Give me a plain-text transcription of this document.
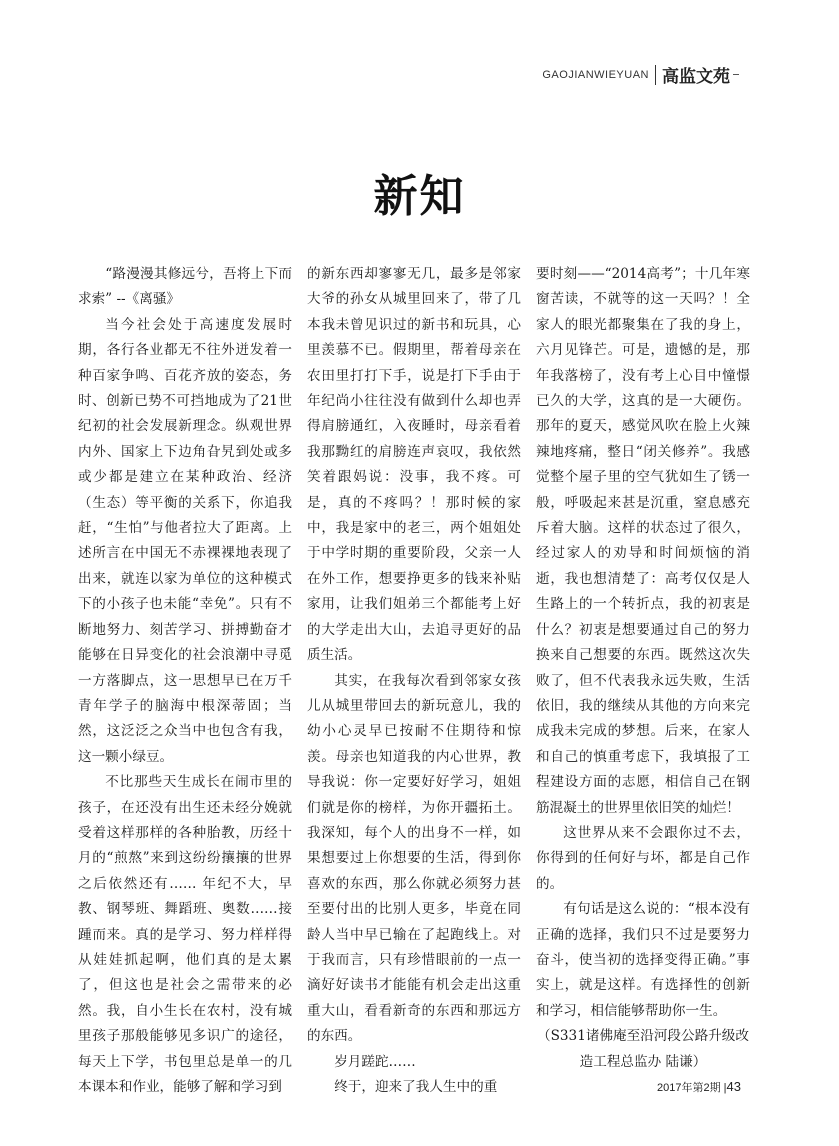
GAOJIANWIEYUAN 高监文苑
新知

“路漫漫其修远兮，吾将上下而求索” --《离骚》

当今社会处于高速度发展时期，各行各业都无不往外迸发着一种百家争鸣、百花齐放的姿态，务时、创新已势不可挡地成为了21世纪初的社会发展新理念。纵观世界内外、国家上下边角旮旯到处或多或少都是建立在某种政治、经济（生态）等平衡的关系下，你追我赶，“生怕”与他者拉大了距离。上述所言在中国无不赤裸裸地表现了出来，就连以家为单位的这种模式下的小孩子也未能“幸免”。只有不断地努力、刻苦学习、拼搏勤奋才能够在日异变化的社会浪潮中寻觅一方落脚点，这一思想早已在万千青年学子的脑海中根深蒂固；当然，这泛泛之众当中也包含有我，这一颗小绿豆。

不比那些天生成长在闹市里的孩子，在还没有出生还未经分娩就受着这样那样的各种胎教，历经十月的“煎熬”来到这纷纷攘攘的世界之后依然还有…… 年纪不大，早教、钢琴班、舞蹈班、奥数……接踵而来。真的是学习、努力样样得从娃娃抓起啊，他们真的是太累了，但这也是社会之需带来的必然。我，自小生长在农村，没有城里孩子那般能够见多识广的途径，每天上下学，书包里总是单一的几本课本和作业，能够了解和学习到

的新东西却寥寥无几，最多是邻家大爷的孙女从城里回来了，带了几本我未曾见识过的新书和玩具，心里羡慕不已。假期里，帮着母亲在农田里打打下手，说是打下手由于年纪尚小往往没有做到什么却也弄得肩膀通红，入夜睡时，母亲看着我那黝红的肩膀连声哀叹，我依然笑着跟妈说：没事，我不疼。可是，真的不疼吗？！那时候的家中，我是家中的老三，两个姐姐处于中学时期的重要阶段，父亲一人在外工作，想要挣更多的钱来补贴家用，让我们姐弟三个都能考上好的大学走出大山，去追寻更好的品质生活。

其实，在我每次看到邻家女孩儿从城里带回去的新玩意儿，我的幼小心灵早已按耐不住期待和惊羡。母亲也知道我的内心世界，教导我说：你一定要好好学习，姐姐们就是你的榜样，为你开疆拓土。我深知，每个人的出身不一样，如果想要过上你想要的生活，得到你喜欢的东西，那么你就必须努力甚至要付出的比别人更多，毕竟在同龄人当中早已输在了起跑线上。对于我而言，只有珍惜眼前的一点一滴好好读书才能能有机会走出这重重大山，看看新奇的东西和那远方的东西。

岁月蹉跎……

终于，迎来了我人生中的重

要时刻——“2014高考”；十几年寒窗苦读，不就等的这一天吗？！全家人的眼光都聚集在了我的身上，六月见锋芒。可是，遗憾的是，那年我落榜了，没有考上心目中憧憬已久的大学，这真的是一大硬伤。那年的夏天，感觉风吹在脸上火辣辣地疼痛，整日“闭关修养”。我感觉整个屋子里的空气犹如生了锈一般，呼吸起来甚是沉重，窒息感充斥着大脑。这样的状态过了很久，经过家人的劝导和时间烦恼的消逝，我也想清楚了：高考仅仅是人生路上的一个转折点，我的初衷是什么？初衷是想要通过自己的努力换来自己想要的东西。既然这次失败了，但不代表我永远失败，生活依旧，我的继续从其他的方向来完成我未完成的梦想。后来，在家人和自己的慎重考虑下，我填报了工程建设方面的志愿，相信自己在钢筋混凝土的世界里依旧笑的灿烂！

这世界从来不会跟你过不去，你得到的任何好与坏，都是自己作的。

有句话是这么说的：“根本没有正确的选择，我们只不过是要努力奋斗，使当初的选择变得正确。”事实上，就是这样。有选择性的创新和学习，相信能够帮助你一生。

（S331诸佛庵至沿河段公路升级改造工程总监办 陆谦）

2017年第2期 |43
